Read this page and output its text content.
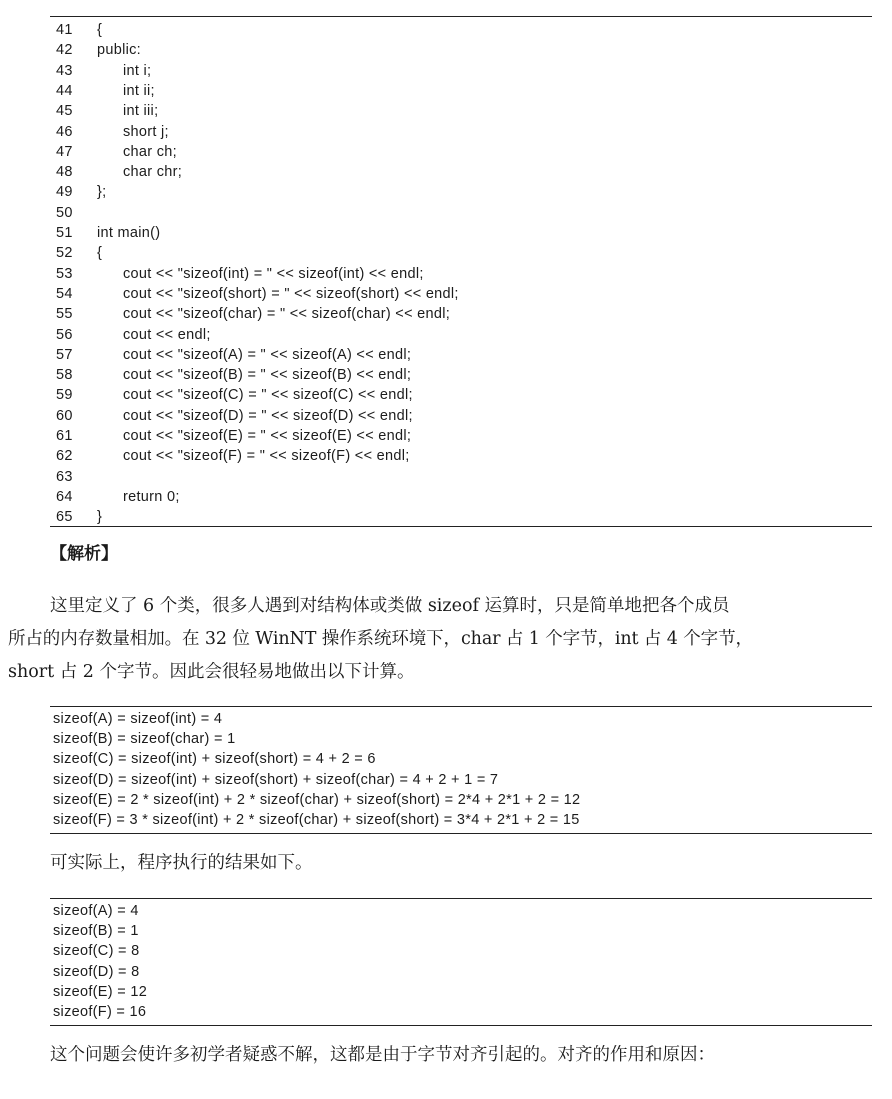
41	{
42	public:
43	int i;
44	int ii;
45	int iii;
46	short j;
47	char ch;
48	char chr;
49	};
50
51	int main()
52	{
53	cout << "sizeof(int) = " << sizeof(int) << endl;
54	cout << "sizeof(short) = " << sizeof(short) << endl;
55	cout << "sizeof(char) = " << sizeof(char) << endl;
56	cout << endl;
57	cout << "sizeof(A) = " << sizeof(A) << endl;
58	cout << "sizeof(B) = " << sizeof(B) << endl;
59	cout << "sizeof(C) = " << sizeof(C) << endl;
60	cout << "sizeof(D) = " << sizeof(D) << endl;
61	cout << "sizeof(E) = " << sizeof(E) << endl;
62	cout << "sizeof(F) = " << sizeof(F) << endl;
63
64	return 0;
65	}
【解析】
这里定义了 6 个类，很多人遇到对结构体或类做 sizeof 运算时，只是简单地把各个成员
所占的内存数量相加。在 32 位 WinNT 操作系统环境下，char 占 1 个字节，int 占 4 个字节，
short 占 2 个字节。因此会很轻易地做出以下计算。
sizeof(A) = sizeof(int) = 4
sizeof(B) = sizeof(char) = 1
sizeof(C) = sizeof(int) + sizeof(short) = 4 + 2 = 6
sizeof(D) = sizeof(int) + sizeof(short) + sizeof(char) = 4 + 2 + 1 = 7
sizeof(E) = 2 * sizeof(int) + 2 * sizeof(char) + sizeof(short) = 2*4 + 2*1 + 2 = 12
sizeof(F) = 3 * sizeof(int) + 2 * sizeof(char) + sizeof(short) = 3*4 + 2*1 + 2 = 15
可实际上，程序执行的结果如下。
sizeof(A) = 4
sizeof(B) = 1
sizeof(C) = 8
sizeof(D) = 8
sizeof(E) = 12
sizeof(F) = 16
这个问题会使许多初学者疑惑不解，这都是由于字节对齐引起的。对齐的作用和原因：
